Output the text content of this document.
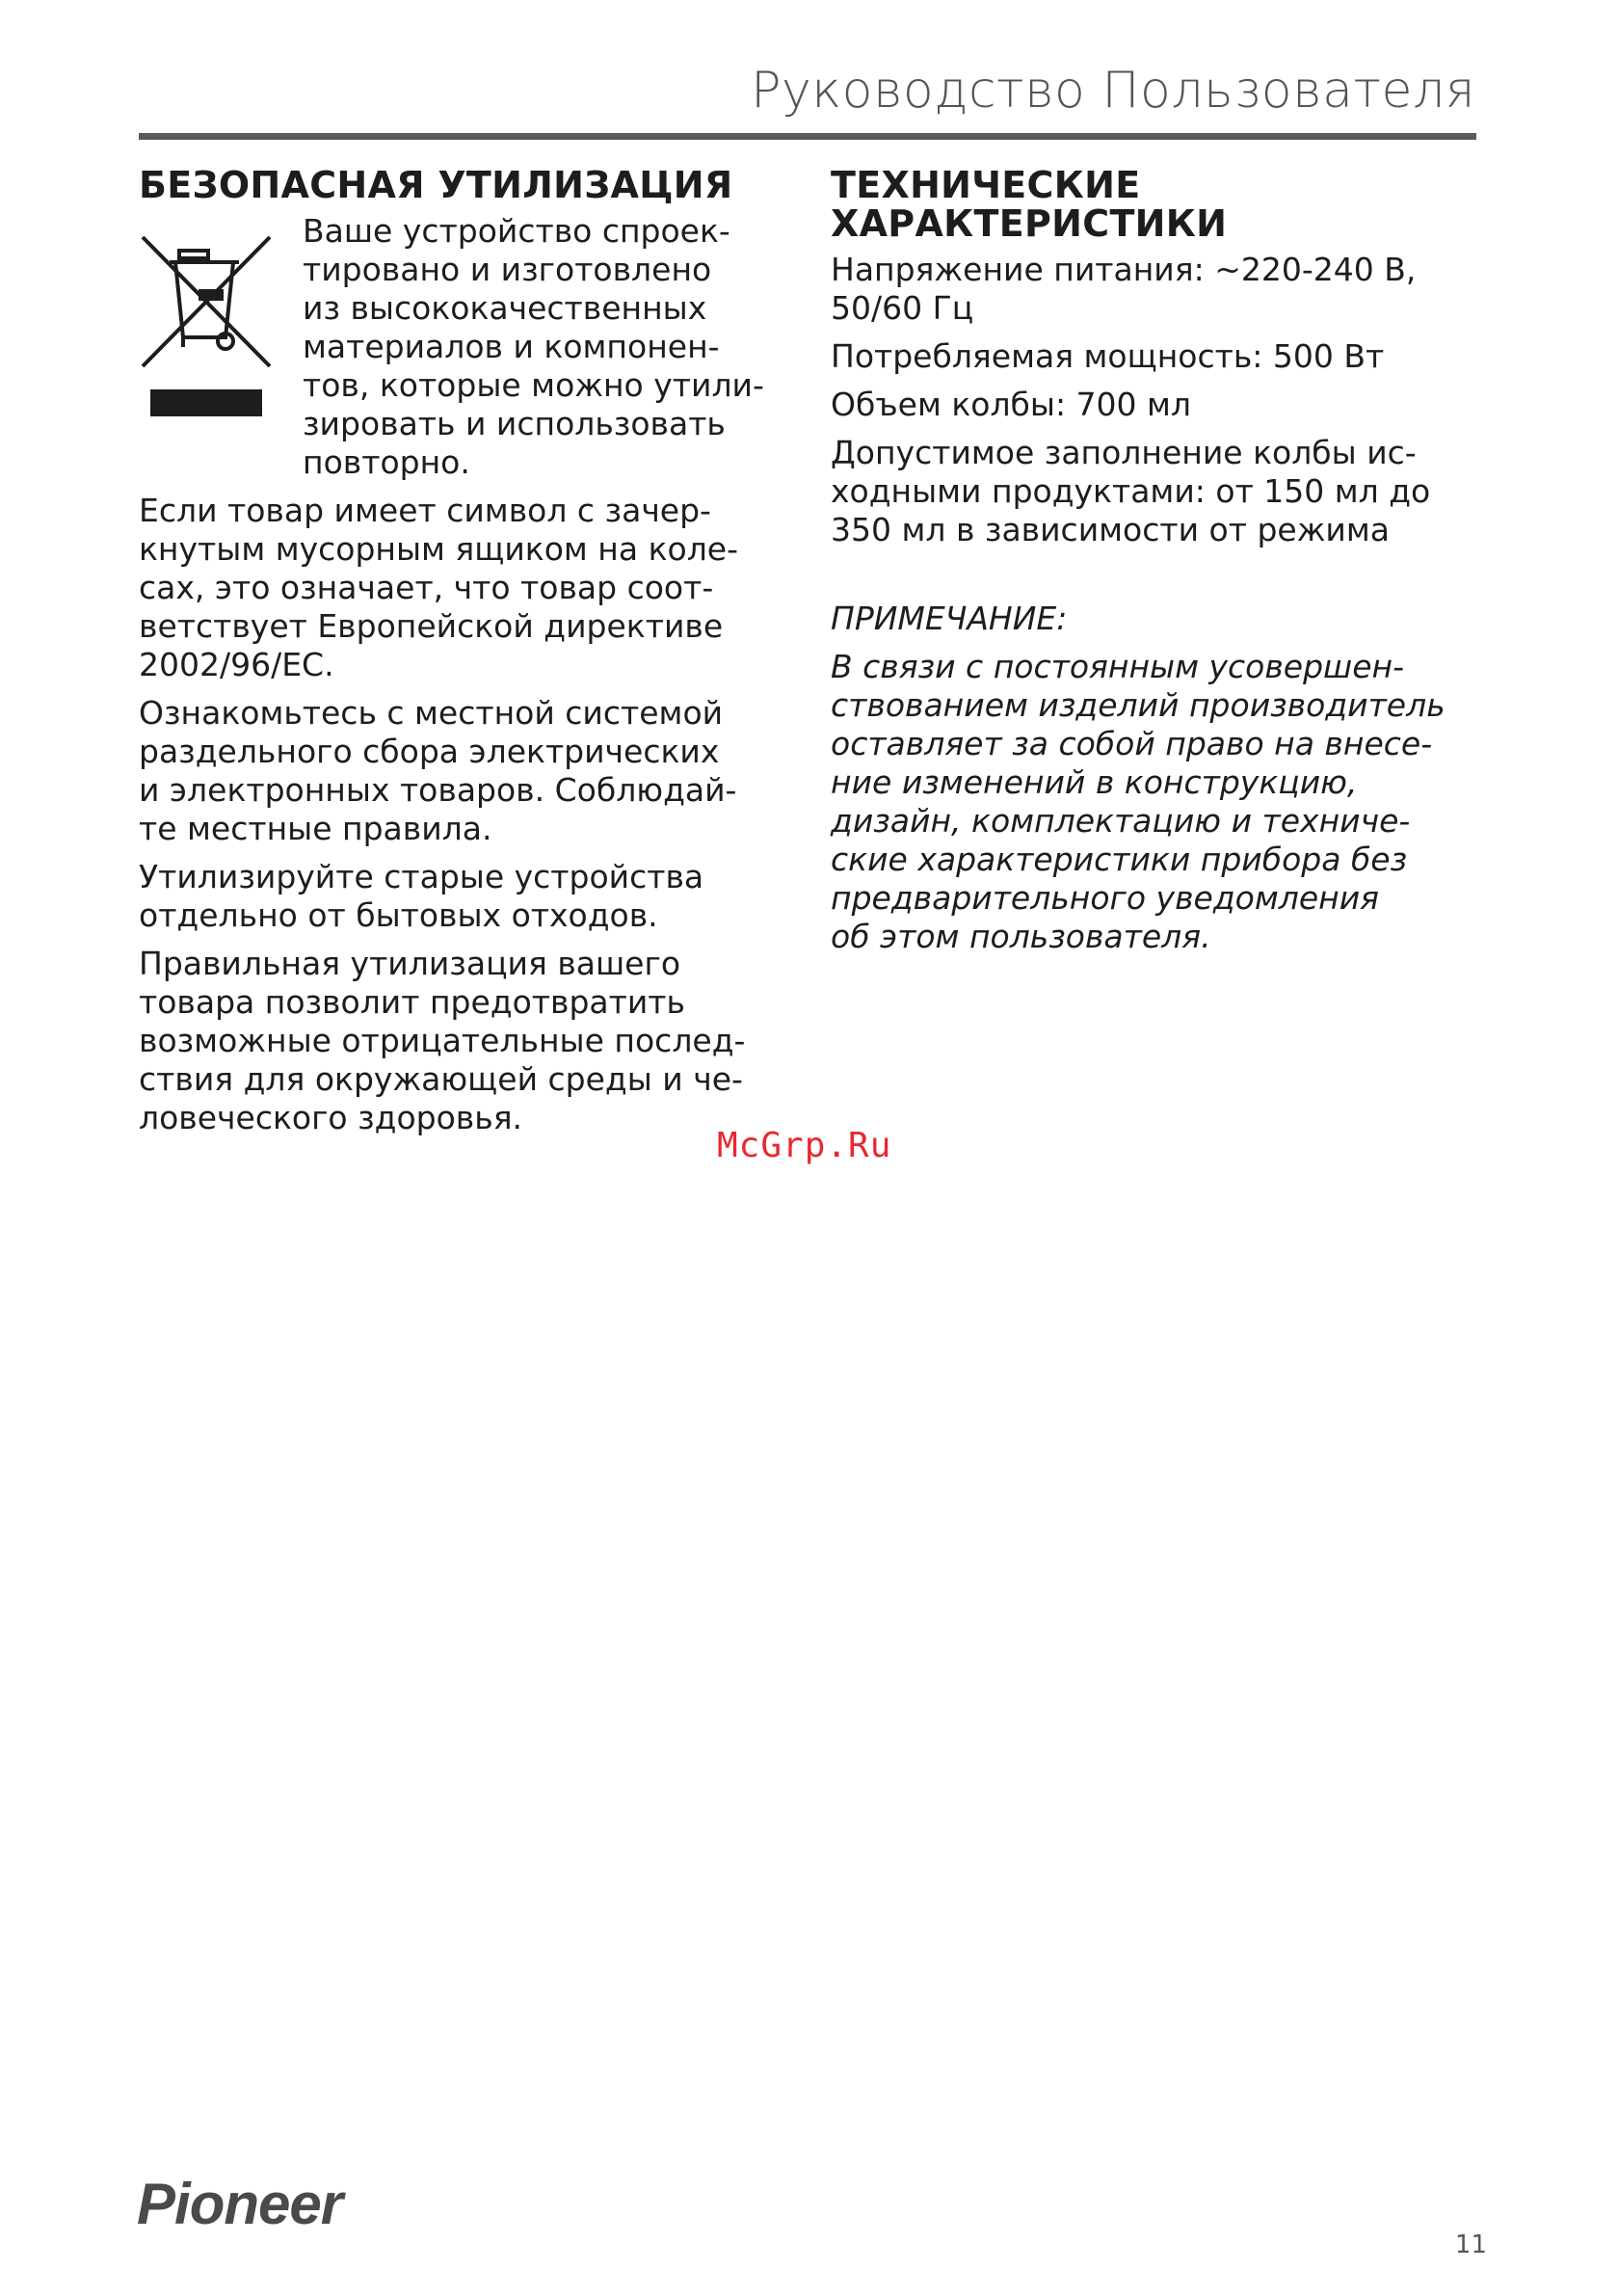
Руководство Пользователя
БЕЗОПАСНАЯ УТИЛИЗАЦИЯ
Ваше устройство спроек-
тировано и изготовлено
из высококачественных
материалов и компонен-
тов, которые можно утили-
зировать и использовать
повторно.

Если товар имеет символ с зачер-
кнутым мусорным ящиком на коле-
сах, это означает, что товар соот-
ветствует Европейской директиве
2002/96/EC.

Ознакомьтесь с местной системой
раздельного сбора электрических
и электронных товаров. Соблюдай-
те местные правила.

Утилизируйте старые устройства
отдельно от бытовых отходов.

Правильная утилизация вашего
товара позволит предотвратить
возможные отрицательные послед-
ствия для окружающей среды и че-
ловеческого здоровья.

ТЕХНИЧЕСКИЕ
ХАРАКТЕРИСТИКИ

Напряжение питания: ~220-240 В,
50/60 Гц

Потребляемая мощность: 500 Вт

Объем колбы: 700 мл

Допустимое заполнение колбы ис-
ходными продуктами: от 150 мл до
350 мл в зависимости от режима

ПРИМЕЧАНИЕ:

В связи с постоянным усовершен-
ствованием изделий производитель
оставляет за собой право на внесе-
ние изменений в конструкцию,
дизайн, комплектацию и техниче-
ские характеристики прибора без
предварительного уведомления
об этом пользователя.

McGrp.Ru
Pioneer
11
